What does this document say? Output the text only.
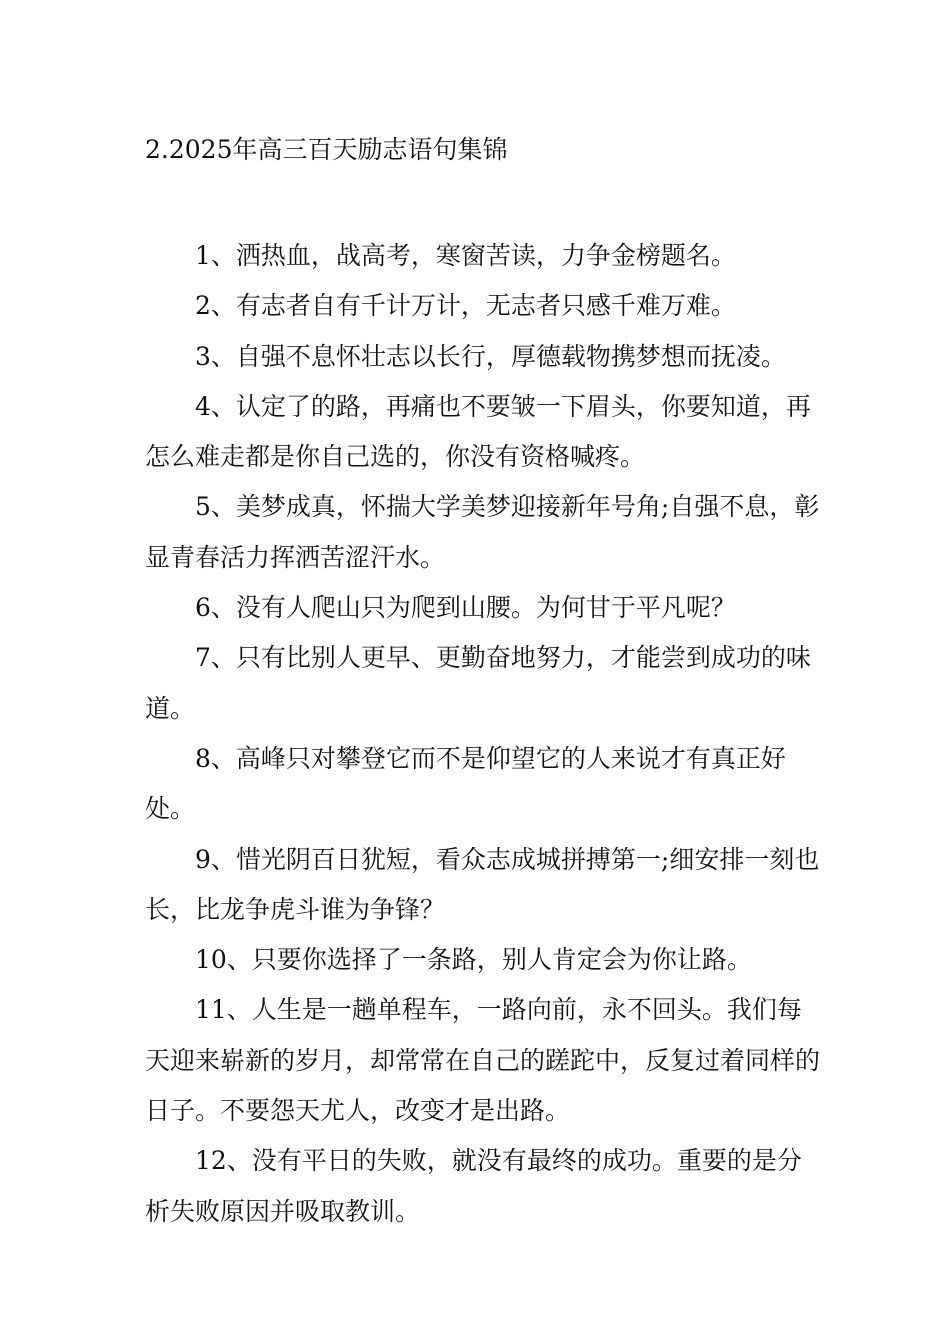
2.2025年高三百天励志语句集锦

1、洒热血，战高考，寒窗苦读，力争金榜题名。

2、有志者自有千计万计，无志者只感千难万难。

3、自强不息怀壮志以长行，厚德载物携梦想而抚凌。

4、认定了的路，再痛也不要皱一下眉头，你要知道，再怎么难走都是你自己选的，你没有资格喊疼。

5、美梦成真，怀揣大学美梦迎接新年号角;自强不息，彰显青春活力挥洒苦涩汗水。

6、没有人爬山只为爬到山腰。为何甘于平凡呢？

7、只有比别人更早、更勤奋地努力，才能尝到成功的味道。

8、高峰只对攀登它而不是仰望它的人来说才有真正好处。

9、惜光阴百日犹短，看众志成城拼搏第一;细安排一刻也长，比龙争虎斗谁为争锋？

10、只要你选择了一条路，别人肯定会为你让路。

11、人生是一趟单程车，一路向前，永不回头。我们每天迎来崭新的岁月，却常常在自己的蹉跎中，反复过着同样的日子。不要怨天尤人，改变才是出路。

12、没有平日的失败，就没有最终的成功。重要的是分析失败原因并吸取教训。
